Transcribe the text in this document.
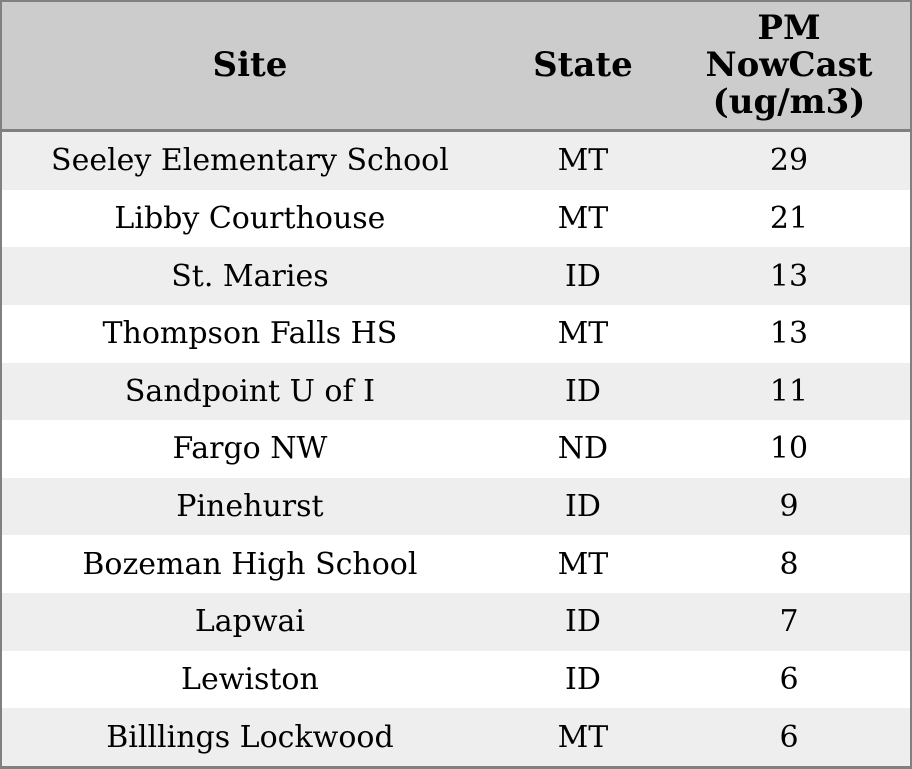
Site	State	PM NowCast (ug/m3)

Seeley Elementary School	MT	29
Libby Courthouse	MT	21
St. Maries	ID	13
Thompson Falls HS	MT	13
Sandpoint U of I	ID	11
Fargo NW	ND	10
Pinehurst	ID	9
Bozeman High School	MT	8
Lapwai	ID	7
Lewiston	ID	6
Billlings Lockwood	MT	6
